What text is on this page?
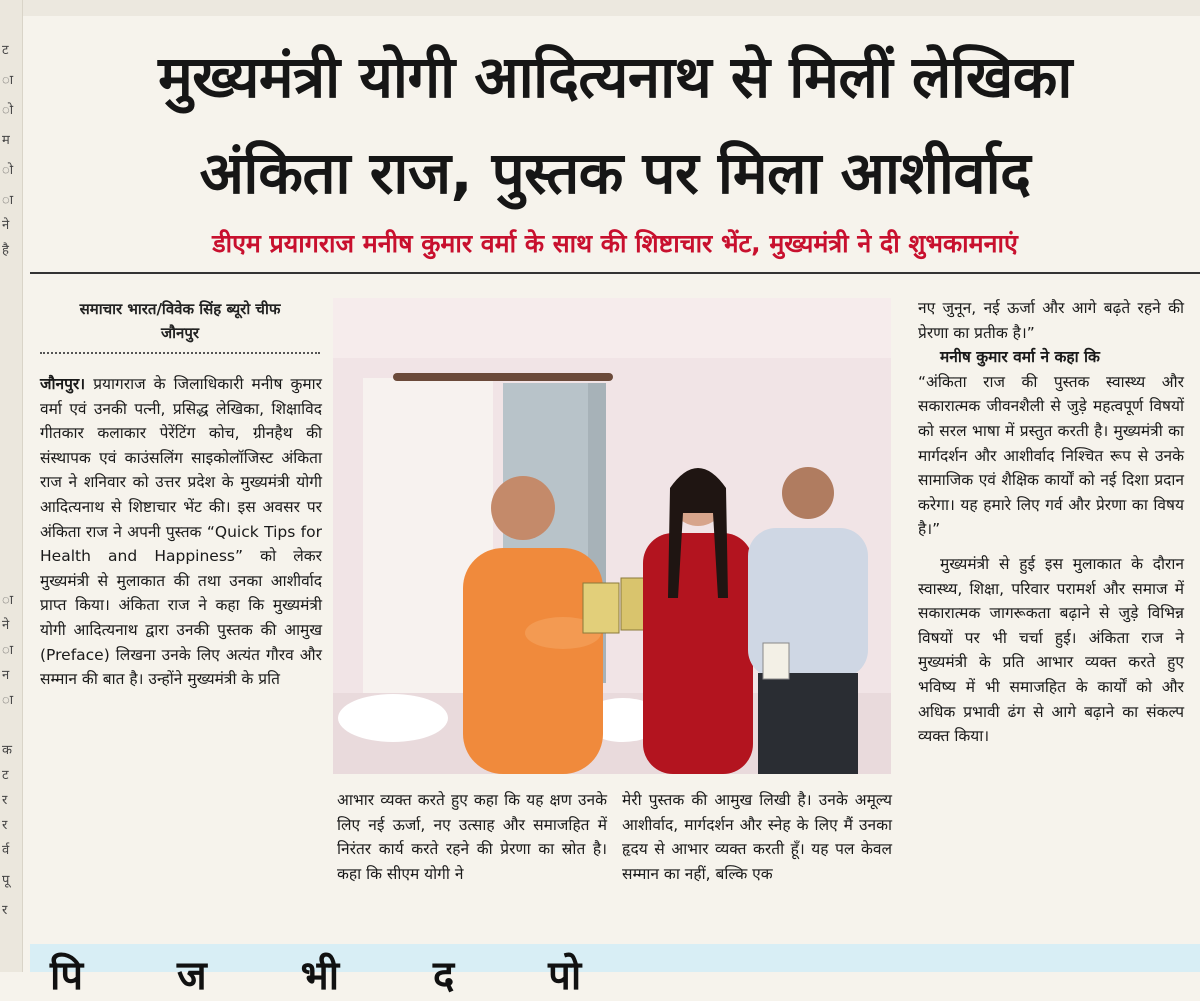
ट
ा
ो
म
ो
ा
ने
है
ा
ने
ा
न
ा
क
ट
र
र
र्व
पू
र
मुख्यमंत्री योगी आदित्यनाथ से मिलीं लेखिका
अंकिता राज, पुस्तक पर मिला आशीर्वाद
डीएम प्रयागराज मनीष कुमार वर्मा के साथ की शिष्टाचार भेंट, मुख्यमंत्री ने दी शुभकामनाएं
समाचार भारत/विवेक सिंह ब्यूरो चीफ
जौनपुर

जौनपुर। प्रयागराज के जिलाधिकारी मनीष कुमार वर्मा एवं उनकी पत्नी, प्रसिद्ध लेखिका, शिक्षाविद गीतकार कलाकार पेरेंटिंग कोच, ग्रीनहैथ की संस्थापक एवं काउंसलिंग साइकोलॉजिस्ट अंकिता राज ने शनिवार को उत्तर प्रदेश के मुख्यमंत्री योगी आदित्यनाथ से शिष्टाचार भेंट की। इस अवसर पर अंकिता राज ने अपनी पुस्तक “Quick Tips for Health and Happiness” को लेकर मुख्यमंत्री से मुलाकात की तथा उनका आशीर्वाद प्राप्त किया। अंकिता राज ने कहा कि मुख्यमंत्री योगी आदित्यनाथ द्वारा उनकी पुस्तक की आमुख (Preface) लिखना उनके लिए अत्यंत गौरव और सम्मान की बात है। उन्होंने मुख्यमंत्री के प्रति

आभार व्यक्त करते हुए कहा कि यह क्षण उनके लिए नई ऊर्जा, नए उत्साह और समाजहित में निरंतर कार्य करते रहने की प्रेरणा का स्रोत है। कहा कि सीएम योगी ने

मेरी पुस्तक की आमुख लिखी है। उनके अमूल्य आशीर्वाद, मार्गदर्शन और स्नेह के लिए मैं उनका हृदय से आभार व्यक्त करती हूँ। यह पल केवल सम्मान का नहीं, बल्कि एक

नए जुनून, नई ऊर्जा और आगे बढ़ते रहने की प्रेरणा का प्रतीक है।”

मनीष कुमार वर्मा ने कहा कि

“अंकिता राज की पुस्तक स्वास्थ्य और सकारात्मक जीवनशैली से जुड़े महत्वपूर्ण विषयों को सरल भाषा में प्रस्तुत करती है। मुख्यमंत्री का मार्गदर्शन और आशीर्वाद निश्चित रूप से उनके सामाजिक एवं शैक्षिक कार्यों को नई दिशा प्रदान करेगा। यह हमारे लिए गर्व और प्रेरणा का विषय है।”

मुख्यमंत्री से हुई इस मुलाकात के दौरान स्वास्थ्य, शिक्षा, परिवार परामर्श और समाज में सकारात्मक जागरूकता बढ़ाने से जुड़े विभिन्न विषयों पर भी चर्चा हुई। अंकिता राज ने मुख्यमंत्री के प्रति आभार व्यक्त करते हुए भविष्य में भी समाजहित के कार्यों को और अधिक प्रभावी ढंग से आगे बढ़ाने का संकल्प व्यक्त किया।

पि ज भी द पो
